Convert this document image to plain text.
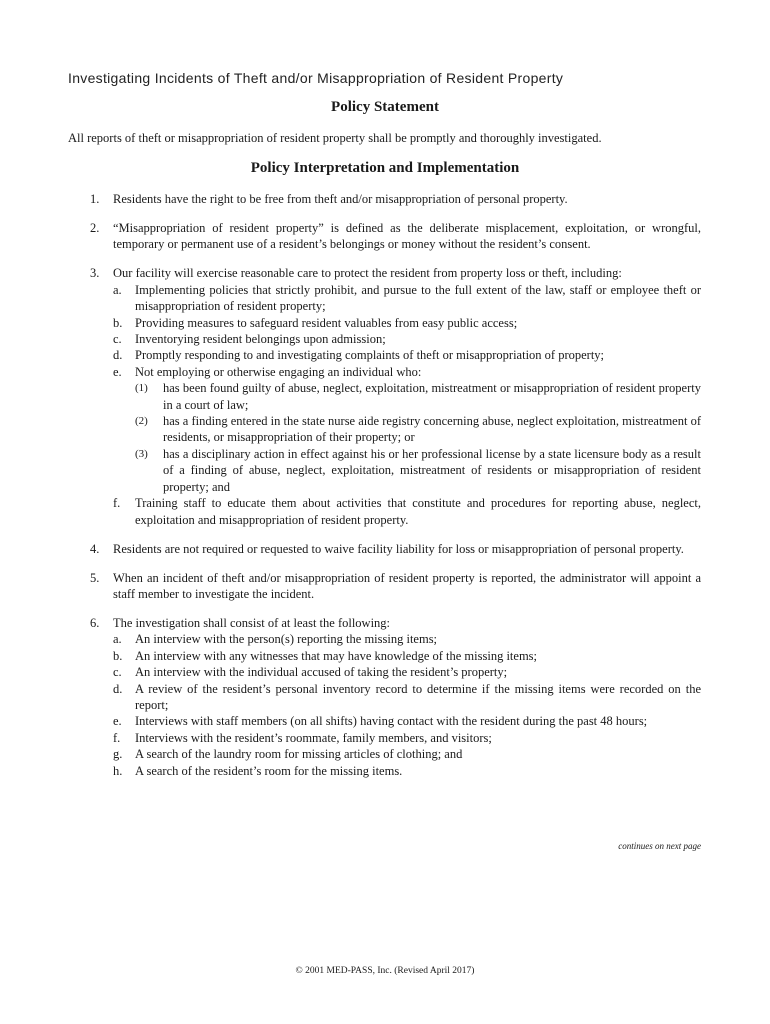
Investigating Incidents of Theft and/or Misappropriation of Resident Property
Policy Statement
All reports of theft or misappropriation of resident property shall be promptly and thoroughly investigated.
Policy Interpretation and Implementation
1. Residents have the right to be free from theft and/or misappropriation of personal property.
2. “Misappropriation of resident property” is defined as the deliberate misplacement, exploitation, or wrongful, temporary or permanent use of a resident’s belongings or money without the resident’s consent.
3. Our facility will exercise reasonable care to protect the resident from property loss or theft, including:
a. Implementing policies that strictly prohibit, and pursue to the full extent of the law, staff or employee theft or misappropriation of resident property;
b. Providing measures to safeguard resident valuables from easy public access;
c. Inventorying resident belongings upon admission;
d. Promptly responding to and investigating complaints of theft or misappropriation of property;
e. Not employing or otherwise engaging an individual who:
(1) has been found guilty of abuse, neglect, exploitation, mistreatment or misappropriation of resident property in a court of law;
(2) has a finding entered in the state nurse aide registry concerning abuse, neglect exploitation, mistreatment of residents, or misappropriation of their property; or
(3) has a disciplinary action in effect against his or her professional license by a state licensure body as a result of a finding of abuse, neglect, exploitation, mistreatment of residents or misappropriation of resident property; and
f. Training staff to educate them about activities that constitute and procedures for reporting abuse, neglect, exploitation and misappropriation of resident property.
4. Residents are not required or requested to waive facility liability for loss or misappropriation of personal property.
5. When an incident of theft and/or misappropriation of resident property is reported, the administrator will appoint a staff member to investigate the incident.
6. The investigation shall consist of at least the following:
a. An interview with the person(s) reporting the missing items;
b. An interview with any witnesses that may have knowledge of the missing items;
c. An interview with the individual accused of taking the resident’s property;
d. A review of the resident’s personal inventory record to determine if the missing items were recorded on the report;
e. Interviews with staff members (on all shifts) having contact with the resident during the past 48 hours;
f. Interviews with the resident’s roommate, family members, and visitors;
g. A search of the laundry room for missing articles of clothing; and
h. A search of the resident’s room for the missing items.
continues on next page
© 2001 MED-PASS, Inc. (Revised April 2017)
